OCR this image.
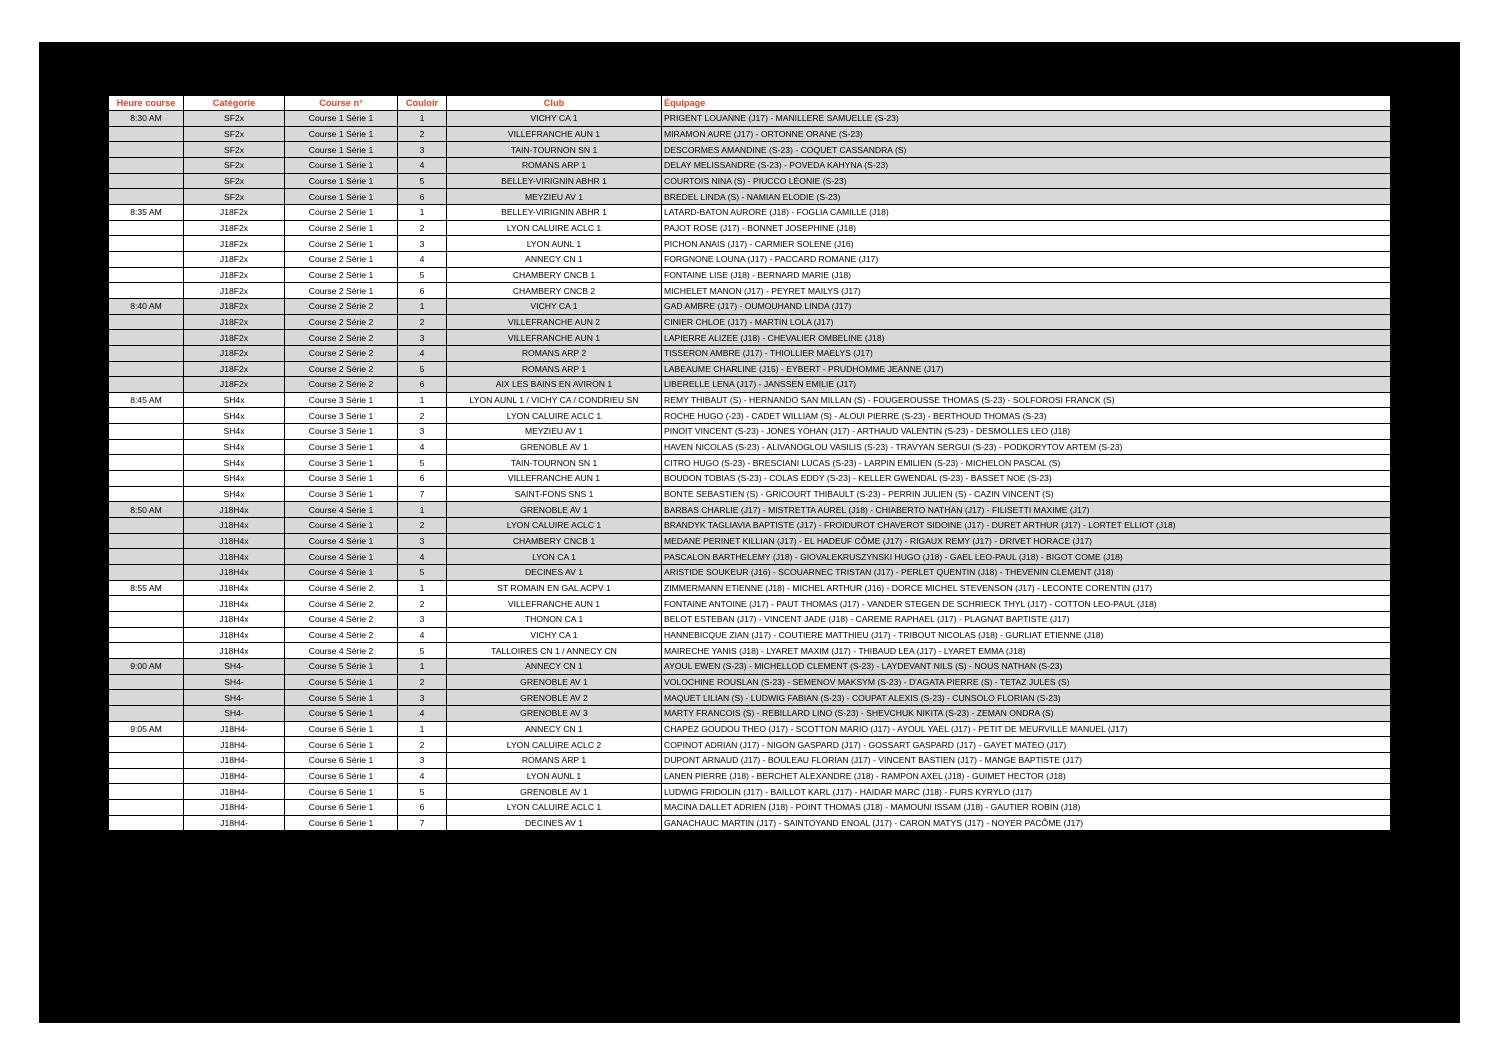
Heure course	Catégorie	Course n°	Couloir	Club	Équipage
8:30 AM	SF2x	Course 1 Série 1	1	VICHY CA 1	PRIGENT LOUANNE (J17) - MANILLERE SAMUELLE (S-23)
	SF2x	Course 1 Série 1	2	VILLEFRANCHE AUN 1	MIRAMON AURE (J17) - ORTONNE ORANE (S-23)
	SF2x	Course 1 Série 1	3	TAIN-TOURNON SN 1	DESCORMES AMANDINE (S-23) - COQUET CASSANDRA (S)
	SF2x	Course 1 Série 1	4	ROMANS ARP 1	DELAY MELISSANDRE (S-23) - POVEDA KAHYNA (S-23)
	SF2x	Course 1 Série 1	5	BELLEY-VIRIGNIN ABHR 1	COURTOIS NINA (S) - PIUCCO LÉONIE (S-23)
	SF2x	Course 1 Série 1	6	MEYZIEU AV 1	BREDEL LINDA (S) - NAMIAN ELODIE (S-23)
8:35 AM	J18F2x	Course 2 Série 1	1	BELLEY-VIRIGNIN ABHR 1	LATARD-BATON AURORE (J18) - FOGLIA CAMILLE (J18)
	J18F2x	Course 2 Série 1	2	LYON CALUIRE ACLC 1	PAJOT ROSE (J17) - BONNET JOSEPHINE (J18)
	J18F2x	Course 2 Série 1	3	LYON AUNL 1	PICHON ANAIS (J17) - CARMIER SOLENE (J16)
	J18F2x	Course 2 Série 1	4	ANNECY CN 1	FORGNONE LOUNA (J17) - PACCARD ROMANE (J17)
	J18F2x	Course 2 Série 1	5	CHAMBERY CNCB 1	FONTAINE LISE (J18) - BERNARD MARIE (J18)
	J18F2x	Course 2 Série 1	6	CHAMBERY CNCB 2	MICHELET MANON (J17) - PEYRET MAILYS (J17)
8:40 AM	J18F2x	Course 2 Série 2	1	VICHY CA 1	GAD AMBRE (J17) - OUMOUHAND LINDA (J17)
	J18F2x	Course 2 Série 2	2	VILLEFRANCHE AUN 2	CINIER CHLOE (J17) - MARTIN LOLA (J17)
	J18F2x	Course 2 Série 2	3	VILLEFRANCHE AUN 1	LAPIERRE ALIZEE (J18) - CHEVALIER OMBELINE (J18)
	J18F2x	Course 2 Série 2	4	ROMANS ARP 2	TISSERON AMBRE (J17) - THIOLLIER MAELYS (J17)
	J18F2x	Course 2 Série 2	5	ROMANS ARP 1	LABEAUME CHARLINE (J15) - EYBERT - PRUDHOMME JEANNE (J17)
	J18F2x	Course 2 Série 2	6	AIX LES BAINS EN AVIRON 1	LIBERELLE LENA (J17) - JANSSEN EMILIE (J17)
8:45 AM	SH4x	Course 3 Série 1	1	LYON AUNL 1 / VICHY CA / CONDRIEU SN	REMY THIBAUT (S) - HERNANDO SAN MILLAN (S) - FOUGEROUSSE THOMAS (S-23) - SOLFOROSI FRANCK (S)
	SH4x	Course 3 Série 1	2	LYON CALUIRE ACLC 1	ROCHE HUGO (-23) - CADET WILLIAM (S) - ALOUI PIERRE (S-23) - BERTHOUD THOMAS (S-23)
	SH4x	Course 3 Série 1	3	MEYZIEU AV 1	PINOIT VINCENT (S-23) - JONES YOHAN (J17) - ARTHAUD VALENTIN (S-23) - DESMOLLES LEO (J18)
	SH4x	Course 3 Série 1	4	GRENOBLE AV 1	HAVEN NICOLAS (S-23) - ALIVANOGLOU VASILIS (S-23) - TRAVYAN SERGUI (S-23) - PODKORYTOV ARTEM (S-23)
	SH4x	Course 3 Série 1	5	TAIN-TOURNON SN 1	CITRO HUGO (S-23) - BRESCIANI LUCAS (S-23) - LARPIN EMILIEN (S-23) - MICHELON PASCAL (S)
	SH4x	Course 3 Série 1	6	VILLEFRANCHE AUN 1	BOUDON TOBIAS (S-23) - COLAS EDDY (S-23) - KELLER GWENDAL (S-23) - BASSET NOE (S-23)
	SH4x	Course 3 Série 1	7	SAINT-FONS SNS 1	BONTE SEBASTIEN (S) - GRICOURT THIBAULT (S-23) - PERRIN JULIEN (S) - CAZIN VINCENT (S)
8:50 AM	J18H4x	Course 4 Série 1	1	GRENOBLE AV 1	BARBAS CHARLIE (J17) - MISTRETTA AUREL (J18) - CHIABERTO NATHAN (J17) - FILISETTI MAXIME (J17)
	J18H4x	Course 4 Série 1	2	LYON CALUIRE ACLC 1	BRANDYK TAGLIAVIA BAPTISTE (J17) - FROIDUROT CHAVEROT SIDOINE (J17) - DURET ARTHUR (J17) - LORTET ELLIOT (J18)
	J18H4x	Course 4 Série 1	3	CHAMBERY CNCB 1	MEDANE PERINET KILLIAN (J17) - EL HADEUF CÔME (J17) - RIGAUX REMY (J17) - DRIVET HORACE (J17)
	J18H4x	Course 4 Série 1	4	LYON CA 1	PASCALON BARTHELEMY (J18) - GIOVALEKRUSZYNSKI HUGO (J18) - GAEL LEO-PAUL (J18) - BIGOT COME (J18)
	J18H4x	Course 4 Série 1	5	DECINES AV 1	ARISTIDE SOUKEUR (J16) - SCOUARNEC TRISTAN (J17) - PERLET QUENTIN (J18) - THEVENIN CLEMENT (J18)
8:55 AM	J18H4x	Course 4 Série 2	1	ST ROMAIN EN GAL ACPV 1	ZIMMERMANN ETIENNE (J18) - MICHEL ARTHUR (J16) - DORCE MICHEL STEVENSON (J17) - LECONTE CORENTIN (J17)
	J18H4x	Course 4 Série 2	2	VILLEFRANCHE AUN 1	FONTAINE ANTOINE (J17) - PAUT THOMAS (J17) - VANDER STEGEN DE SCHRIECK THYL (J17) - COTTON LEO-PAUL (J18)
	J18H4x	Course 4 Série 2	3	THONON CA 1	BELOT ESTEBAN (J17) - VINCENT JADE (J18) - CAREME RAPHAEL (J17) - PLAGNAT BAPTISTE (J17)
	J18H4x	Course 4 Série 2	4	VICHY CA 1	HANNEBICQUE ZIAN (J17) - COUTIERE MATTHIEU (J17) - TRIBOUT NICOLAS (J18) - GURLIAT ETIENNE (J18)
	J18H4x	Course 4 Série 2	5	TALLOIRES CN 1 / ANNECY CN	MAIRECHE YANIS (J18) - LYARET MAXIM (J17) - THIBAUD LEA (J17) - LYARET EMMA (J18)
9:00 AM	SH4-	Course 5 Série 1	1	ANNECY CN 1	AYOUL EWEN (S-23) - MICHELLOD CLEMENT (S-23) - LAYDEVANT NILS (S) - NOUS NATHAN (S-23)
	SH4-	Course 5 Série 1	2	GRENOBLE AV 1	VOLOCHINE ROUSLAN (S-23) - SEMENOV MAKSYM (S-23) - D'AGATA PIERRE (S) - TETAZ JULES (S)
	SH4-	Course 5 Série 1	3	GRENOBLE AV 2	MAQUET LILIAN (S) - LUDWIG FABIAN (S-23) - COUPAT ALEXIS (S-23) - CUNSOLO FLORIAN (S-23)
	SH4-	Course 5 Série 1	4	GRENOBLE AV 3	MARTY FRANCOIS (S) - REBILLARD LINO (S-23) - SHEVCHUK NIKITA (S-23) - ZEMAN ONDRA (S)
9:05 AM	J18H4-	Course 6 Série 1	1	ANNECY CN 1	CHAPEZ GOUDOU THEO (J17) - SCOTTON MARIO (J17) - AYOUL YAEL (J17) - PETIT DE MEURVILLE MANUEL (J17)
	J18H4-	Course 6 Série 1	2	LYON CALUIRE ACLC 2	COPINOT ADRIAN (J17) - NIGON GASPARD (J17) - GOSSART GASPARD (J17) - GAYET MATEO (J17)
	J18H4-	Course 6 Série 1	3	ROMANS ARP 1	DUPONT ARNAUD (J17) - BOULEAU FLORIAN (J17) - VINCENT BASTIEN (J17) - MANGE BAPTISTE (J17)
	J18H4-	Course 6 Série 1	4	LYON AUNL 1	LANEN PIERRE (J18) - BERCHET ALEXANDRE (J18) - RAMPON AXEL (J18) - GUIMET HECTOR (J18)
	J18H4-	Course 6 Série 1	5	GRENOBLE AV 1	LUDWIG FRIDOLIN (J17) - BAILLOT KARL (J17) - HAIDAR MARC (J18) - FURS KYRYLO (J17)
	J18H4-	Course 6 Série 1	6	LYON CALUIRE ACLC 1	MACINA DALLET ADRIEN (J18) - POINT THOMAS (J18) - MAMOUNI ISSAM (J18) - GAUTIER ROBIN (J18)
	J18H4-	Course 6 Série 1	7	DECINES AV 1	GANACHAUC MARTIN (J17) - SAINTOYAND ENOAL (J17) - CARON MATYS (J17) - NOYER PACÔME (J17)
